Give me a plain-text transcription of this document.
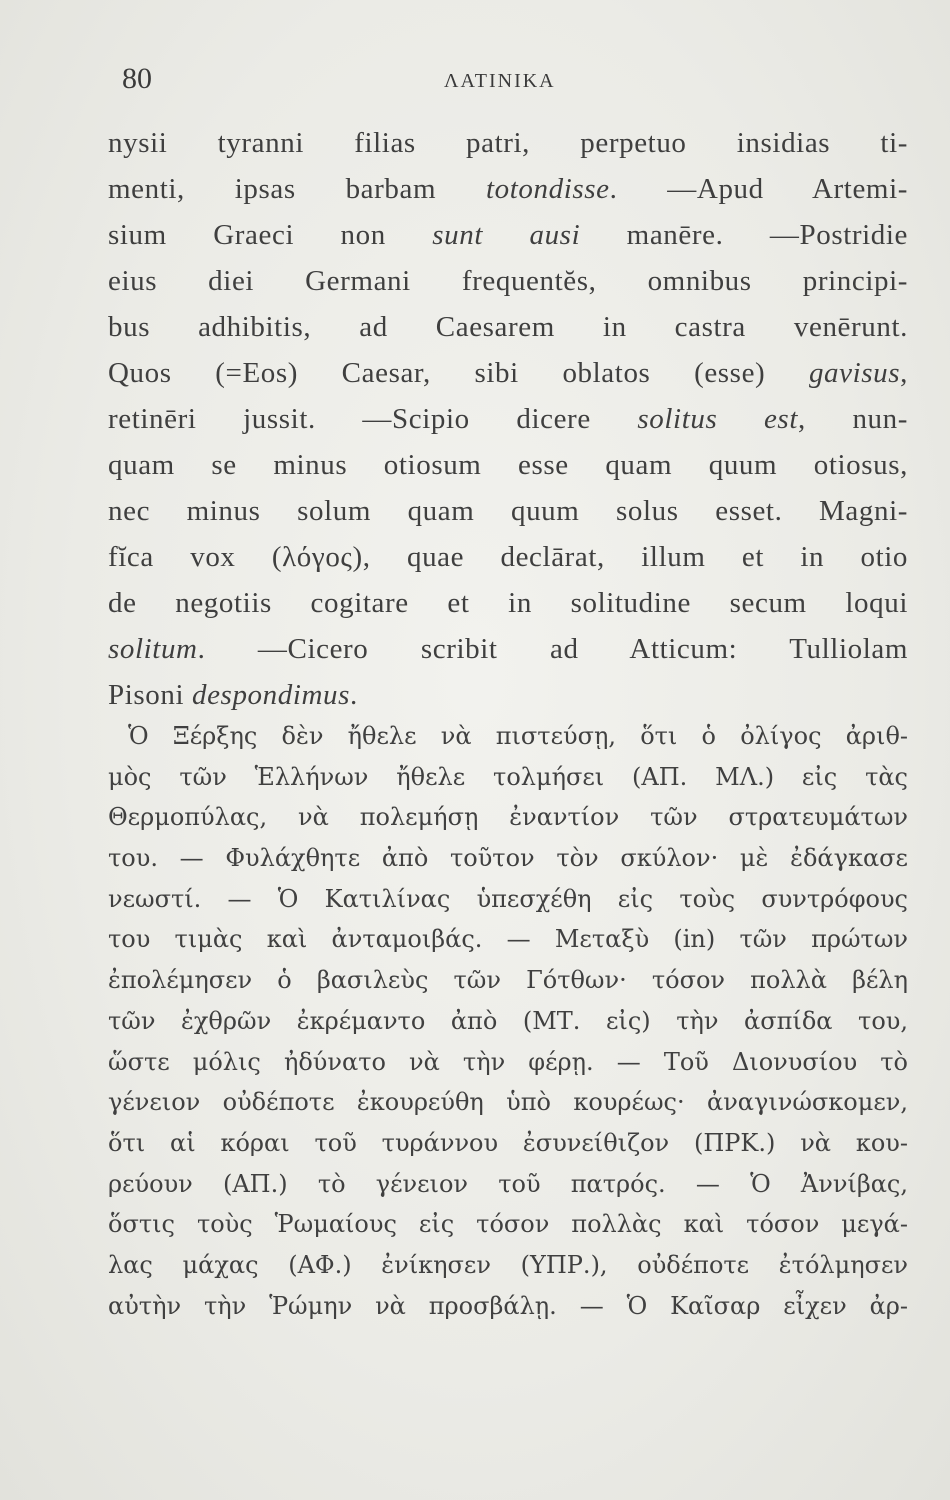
80	ΛΑΤΙΝΙΚΑ
nysii tyranni filias patri, perpetuo insidias ti-
menti, ipsas barbam totondisse. —Apud Artemi-
sium Graeci non sunt ausi manēre. —Postridie
eius diei Germani frequentĕs, omnibus principi-
bus adhibitis, ad Caesarem in castra venērunt.
Quos (=Eos) Caesar, sibi oblatos (esse) gavisus,
retinēri jussit. —Scipio dicere solitus est, nun-
quam se minus otiosum esse quam quum otiosus,
nec minus solum quam quum solus esset. Magni-
fĭca vox (λόγος), quae declārat, illum et in otio
de negotiis cogitare et in solitudine secum loqui
solitum. —Cicero scribit ad Atticum: Tulliolam
Pisoni despondimus.
Ὁ Ξέρξης δὲν ἤθελε νὰ πιστεύσῃ, ὅτι ὁ ὀλίγος ἀριθ-
μὸς τῶν Ἑλλήνων ἤθελε τολμήσει (ΑΠ. ΜΛ.) εἰς τὰς
Θερμοπύλας, νὰ πολεμήσῃ ἐναντίον τῶν στρατευμάτων
του. — Φυλάχθητε ἀπὸ τοῦτον τὸν σκύλον· μὲ ἐδάγκασε
νεωστί. — Ὁ Κατιλίνας ὑπεσχέθη εἰς τοὺς συντρόφους
του τιμὰς καὶ ἀνταμοιβάς. — Μεταξὺ (in) τῶν πρώτων
ἐπολέμησεν ὁ βασιλεὺς τῶν Γότθων· τόσον πολλὰ βέλη
τῶν ἐχθρῶν ἐκρέμαντο ἀπὸ (ΜΤ. εἰς) τὴν ἀσπίδα του,
ὥστε μόλις ἠδύνατο νὰ τὴν φέρῃ. — Τοῦ Διονυσίου τὸ
γένειον οὐδέποτε ἐκουρεύθη ὑπὸ κουρέως· ἀναγινώσκομεν,
ὅτι αἱ κόραι τοῦ τυράννου ἐσυνείθιζον (ΠΡΚ.) νὰ κου-
ρεύουν (ΑΠ.) τὸ γένειον τοῦ πατρός. — Ὁ Ἀννίβας,
ὅστις τοὺς Ῥωμαίους εἰς τόσον πολλὰς καὶ τόσον μεγά-
λας μάχας (ΑΦ.) ἐνίκησεν (ΥΠΡ.), οὐδέποτε ἐτόλμησεν
αὐτὴν τὴν Ῥώμην νὰ προσβάλῃ. — Ὁ Καῖσαρ εἶχεν ἀρ-
